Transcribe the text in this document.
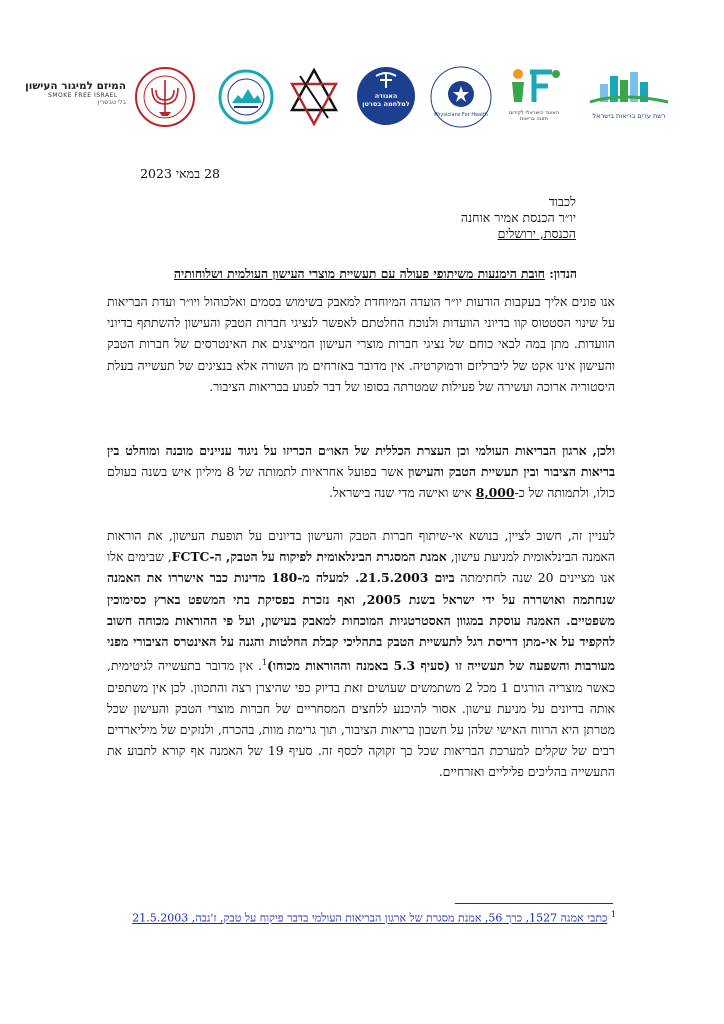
המיזם למיגור העישון
SMOKE FREE ISRAEL
בלי טבשרין
האגודה למלחמה בסרטן
Physicians For Health	האיגוד הישראלי לקידום תזונה בריאות	רשת ערים בריאות בישראל
28 במאי 2023
לכבוד
יו״ר הכנסת אמיר אוחנה
הכנסת, ירושלים
הנדון: חובת הימנעות משיתופי פעולה עם תעשיית מוצרי העישון העולמית ושלוחותיה
אנו פונים אליך בעקבות הודעות יו״ר הועדה המיוחדת למאבק בשימוש בסמים ואלכוהול ויו״ר ועדת הבריאות על שינוי הסטטוס קוו בדיוני הוועדות ולנוכח החלטתם לאפשר לנציגי חברות הטבק והעישון להשתתף בדיוני הוועדות. מתן במה לבאי כוחם של נציגי חברות מוצרי העישון המייצגים את האינטרסים של חברות הטבק והעישון אינו אקט של ליברליזם ודמוקרטיה. אין מדובר באזרחים מן השורה אלא בנציגים של תעשייה בעלת היסטוריה ארוכה ועשירה של פעילות שמטרתה בסופו של דבר לפגוע בבריאות הציבור.
ולכן, ארגון הבריאות העולמי וכן העצרת הכללית של האו״ם הכריזו על ניגוד עניינים מובנה ומוחלט בין בריאות הציבור ובין תעשיית הטבק והעישון אשר בפועל אחראיות לתמותה של 8 מיליון איש בשנה בעולם כולו, ולתמותה של כ-8,000 איש ואישה מדי שנה בישראל.
לעניין זה, חשוב לציין, בנושא אי-שיתוף חברות הטבק והעישון בדיונים על תופעת העישון, את הוראות האמנה הבינלאומית למניעת עישון, אמנת המסגרת הבינלאומית לפיקוח על הטבק, ה-FCTC, שבימים אלו אנו מציינים 20 שנה לחתימתה ביום 21.5.2003. למעלה מ-180 מדינות כבר אישררו את האמנה שנחתמה ואושררה על ידי ישראל בשנת 2005, ואף נזכרת בפסיקת בתי המשפט בארץ כסימוכין משפטיים. האמנה עוסקת במגוון האסטרטגיות המוכחות למאבק בעישון, ועל פי ההוראות מכוחה חשוב להקפיד על אי-מתן דריסת רגל לתעשיית הטבק בתהליכי קבלת החלטות והגנה על האינטרס הציבורי מפני מעורבות והשפעה של תעשייה זו (סעיף 5.3 באמנה וההוראות מכוחו)$^1$. אין מדובר בתעשייה לגיטימית, כאשר מוצריה הורגים 1 מכל 2 משתמשים שעושים זאת בדיוק כפי שהיצרן רצה והתכוון. לכן אין משתפים אותה בדיונים על מניעת עישון. אסור להיכנע ללחצים המסחריים של חברות מוצרי הטבק והעישון שכל מטרתן היא הרווח האישי שלהן על חשבון בריאות הציבור, תוך גרימת מוות, בהכרח, ולנזקים של מיליארדים רבים של שקלים למערכת הבריאות שכל כך זקוקה לכסף זה. סעיף 19 של האמנה אף קורא לתבוע את התעשייה בהליכים פליליים ואזרחיים.
$^1$ כתבי אמנה 1527, כרך 56, אמנת מסגרת של ארגון הבריאות העולמי בדבר פיקוח על טבק, ז'נבה, 21.5.2003
